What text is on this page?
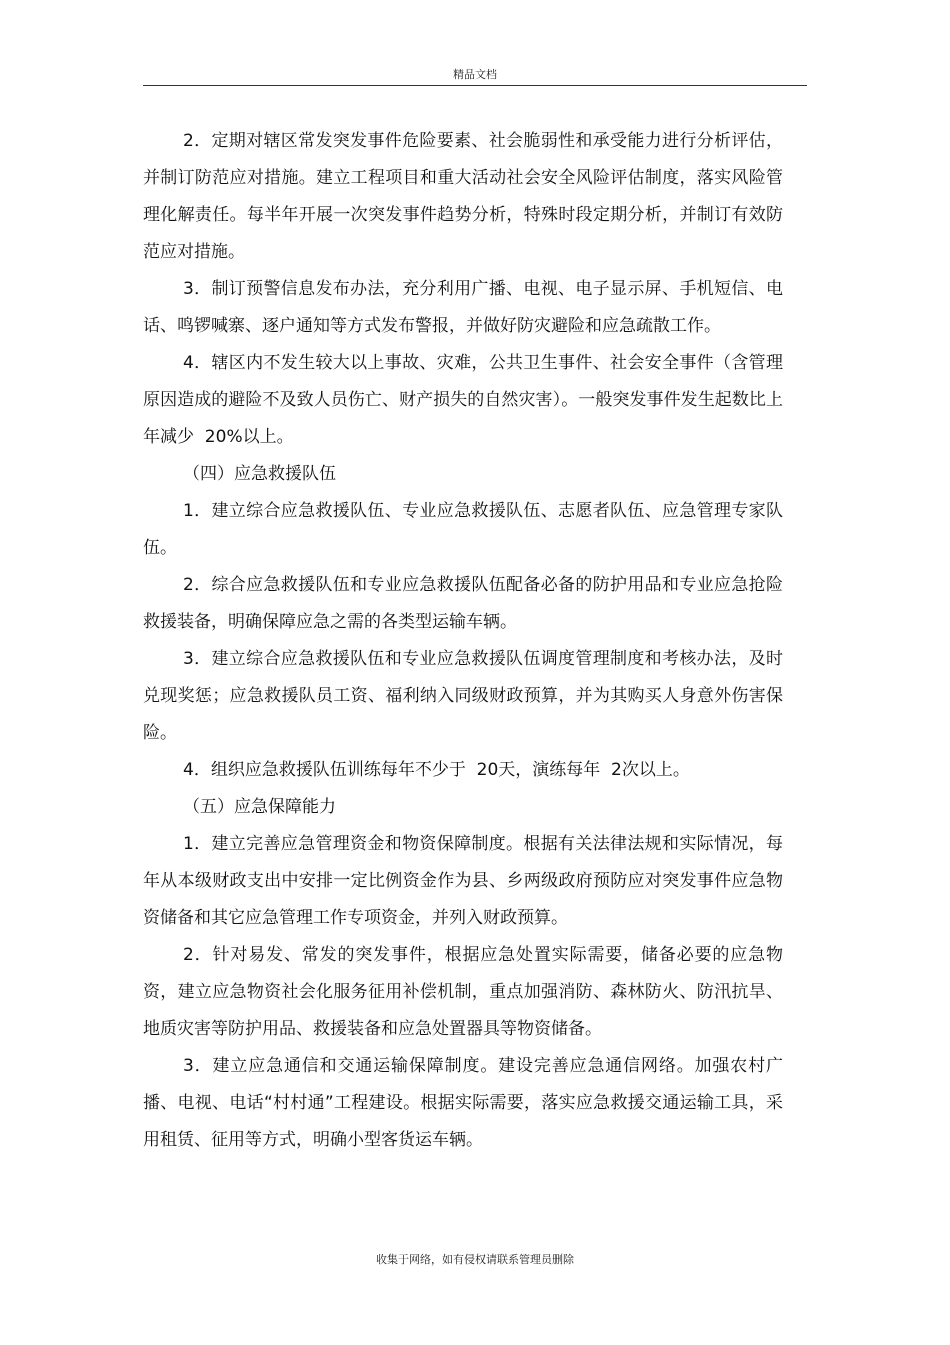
精品文档

2．定期对辖区常发突发事件危险要素、社会脆弱性和承受能力进行分析评估，并制订防范应对措施。建立工程项目和重大活动社会安全风险评估制度，落实风险管理化解责任。每半年开展一次突发事件趋势分析，特殊时段定期分析，并制订有效防范应对措施。

3．制订预警信息发布办法，充分利用广播、电视、电子显示屏、手机短信、电话、鸣锣喊寨、逐户通知等方式发布警报，并做好防灾避险和应急疏散工作。

4．辖区内不发生较大以上事故、灾难，公共卫生事件、社会安全事件（含管理原因造成的避险不及致人员伤亡、财产损失的自然灾害）。一般突发事件发生起数比上年减少  20%以上。

（四）应急救援队伍

1．建立综合应急救援队伍、专业应急救援队伍、志愿者队伍、应急管理专家队伍。

2．综合应急救援队伍和专业应急救援队伍配备必备的防护用品和专业应急抢险救援装备，明确保障应急之需的各类型运输车辆。

3．建立综合应急救援队伍和专业应急救援队伍调度管理制度和考核办法，及时兑现奖惩；应急救援队员工资、福利纳入同级财政预算，并为其购买人身意外伤害保险。

4．组织应急救援队伍训练每年不少于  20天，演练每年  2次以上。

（五）应急保障能力

1．建立完善应急管理资金和物资保障制度。根据有关法律法规和实际情况，每年从本级财政支出中安排一定比例资金作为县、乡两级政府预防应对突发事件应急物资储备和其它应急管理工作专项资金，并列入财政预算。

2．针对易发、常发的突发事件，根据应急处置实际需要，储备必要的应急物资，建立应急物资社会化服务征用补偿机制，重点加强消防、森林防火、防汛抗旱、地质灾害等防护用品、救援装备和应急处置器具等物资储备。

3．建立应急通信和交通运输保障制度。建设完善应急通信网络。加强农村广播、电视、电话“村村通”工程建设。根据实际需要，落实应急救援交通运输工具，采用租赁、征用等方式，明确小型客货运车辆。

收集于网络，如有侵权请联系管理员删除
